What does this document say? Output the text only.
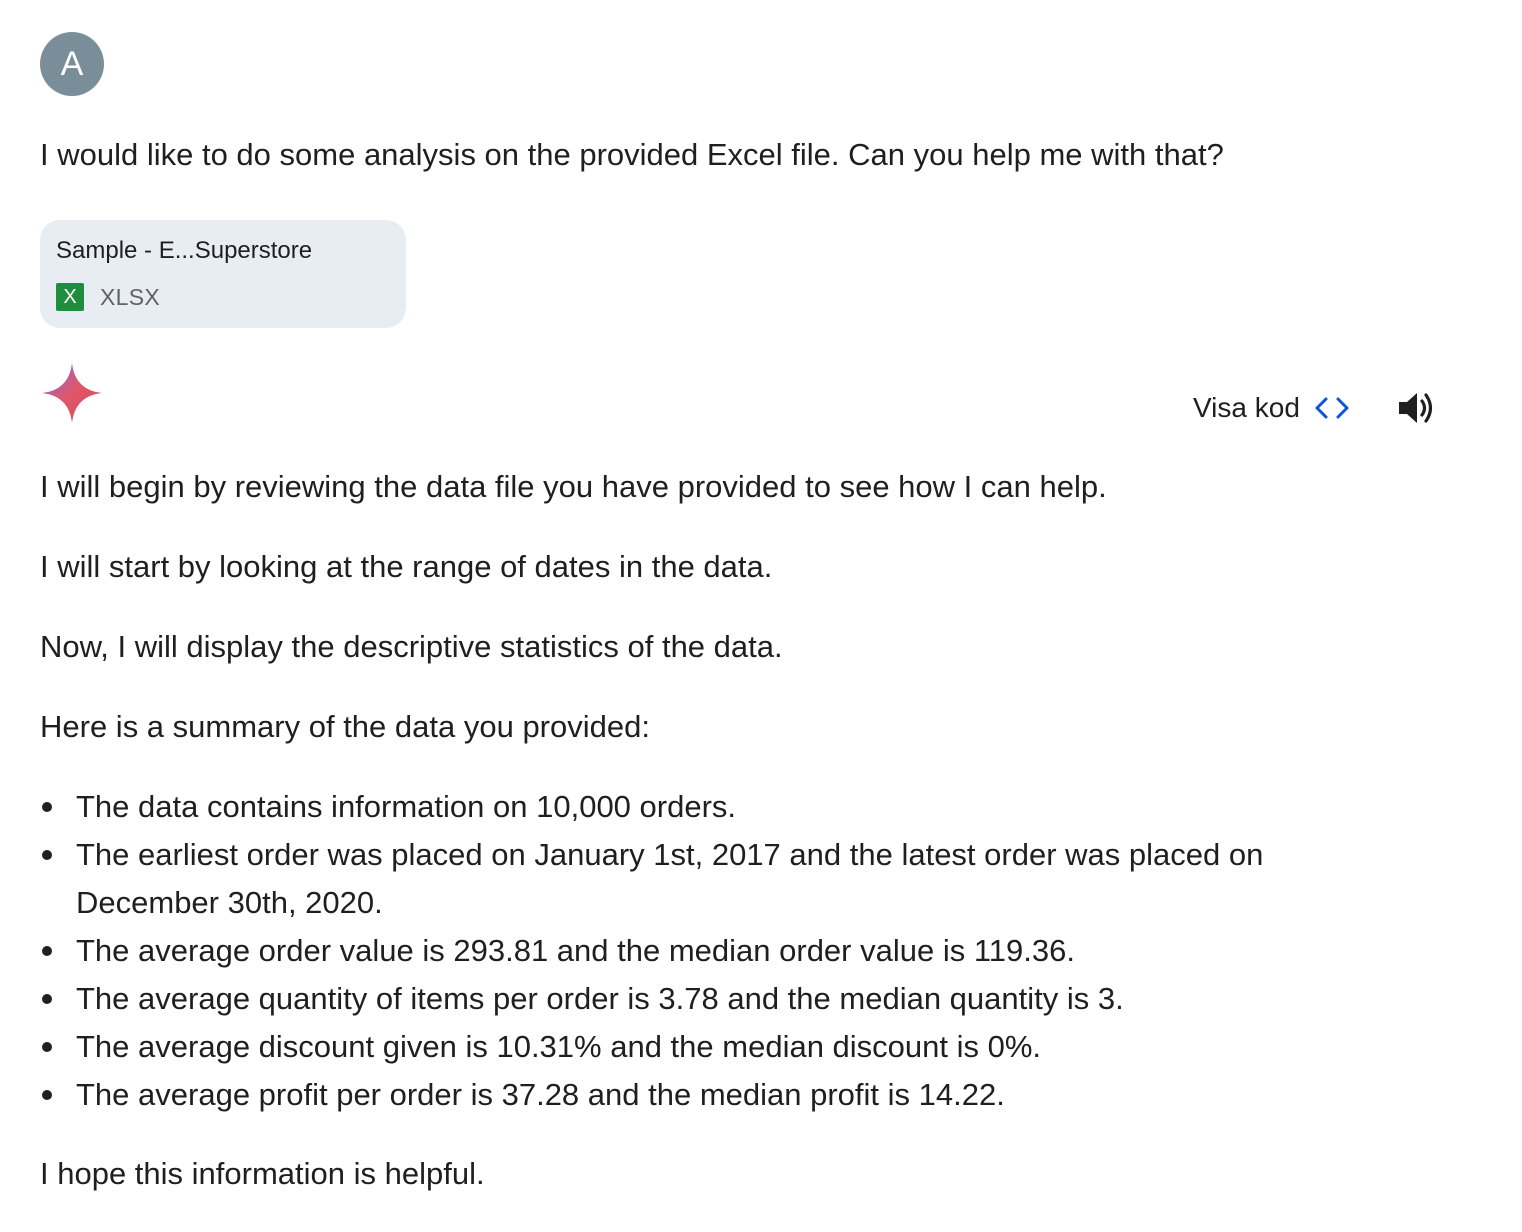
A
I would like to do some analysis on the provided Excel file. Can you help me with that?
Sample - E...Superstore
X	XLSX
Visa kod

I will begin by reviewing the data file you have provided to see how I can help.

I will start by looking at the range of dates in the data.

Now, I will display the descriptive statistics of the data.

Here is a summary of the data you provided:

The data contains information on 10,000 orders.
The earliest order was placed on January 1st, 2017 and the latest order was placed on December 30th, 2020.
The average order value is 293.81 and the median order value is 119.36.
The average quantity of items per order is 3.78 and the median quantity is 3.
The average discount given is 10.31% and the median discount is 0%.
The average profit per order is 37.28 and the median profit is 14.22.

I hope this information is helpful.
